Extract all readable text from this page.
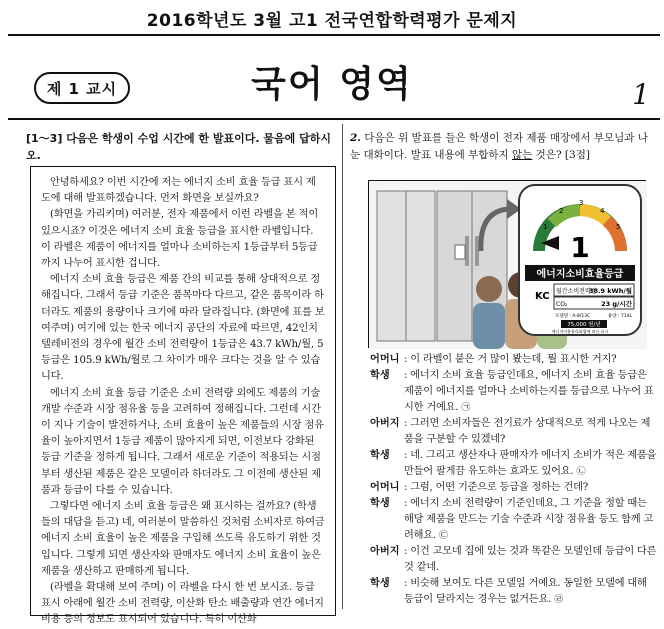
2016학년도 3월 고1 전국연합학력평가 문제지
제 1 교시	국어 영역	1
[1～3] 다음은 학생이 수업 시간에 한 발표이다. 물음에 답하시오.

안녕하세요? 이번 시간에 저는 에너지 소비 효율 등급 표시 제도에 대해 발표하겠습니다. 먼저 화면을 보실까요?

(화면을 가리키며) 여러분, 전자 제품에서 이런 라벨을 본 적이 있으시죠? 이것은 에너지 소비 효율 등급을 표시한 라벨입니다. 이 라벨은 제품이 에너지를 얼마나 소비하는지 1등급부터 5등급까지 나누어 표시한 겁니다.

에너지 소비 효율 등급은 제품 간의 비교를 통해 상대적으로 정해집니다. 그래서 등급 기준은 품목마다 다르고, 같은 품목이라 하더라도 제품의 용량이나 크기에 따라 달라집니다. (화면에 표를 보여주며) 여기에 있는 한국 에너지 공단의 자료에 따르면, 42인치 텔레비전의 경우에 월간 소비 전력량이 1등급은 43.7 kWh/월, 5등급은 105.9 kWh/월로 그 차이가 매우 크다는 것을 알 수 있습니다.

에너지 소비 효율 등급 기준은 소비 전력량 외에도 제품의 기술 개발 수준과 시장 점유율 등을 고려하여 정해집니다. 그런데 시간이 지나 기술이 발전하거나, 소비 효율이 높은 제품들의 시장 점유율이 높아지면서 1등급 제품이 많아지게 되면, 이전보다 강화된 등급 기준을 정하게 됩니다. 그래서 새로운 기준이 적용되는 시점부터 생산된 제품은 같은 모델이라 하더라도 그 이전에 생산된 제품과 등급이 다를 수 있습니다.

그렇다면 에너지 소비 효율 등급은 왜 표시하는 걸까요? (학생들의 대답을 듣고) 네, 여러분이 말씀하신 것처럼 소비자로 하여금 에너지 소비 효율이 높은 제품을 구입해 쓰도록 유도하기 위한 것입니다. 그렇게 되면 생산자와 판매자도 에너지 소비 효율이 높은 제품을 생산하고 판매하게 됩니다.

(라벨을 확대해 보여 주며) 이 라벨을 다시 한 번 보시죠. 등급 표시 아래에 월간 소비 전력량, 이산화 탄소 배출량과 연간 에너지 비용 등의 정보도 표시되어 있습니다. 특히 이산화

2. 다음은 위 발표를 들은 학생이 전자 제품 매장에서 부모님과 나눈 대화이다. 발표 내용에 부합하지 않는 것은? [3점]
1
2
3
4
5
1
에너지소비효율등급
KC 월간소비전력량
38.9 kWh/월
CO₂	23 g/시간
모델명 : A-8/13C	용량 : 714L
75,000 원/년
에너지이용합리화법에 따른 표시
어머니 : 이 라벨이 붙은 거 많이 봤는데, 뭘 표시한 거지?
학생	: 에너지 소비 효율 등급인데요, 에너지 소비 효율 등급은 제품이 에너지를 얼마나 소비하는지를 등급으로 나누어 표시한 거예요. ㉠
아버지 : 그러면 소비자들은 전기료가 상대적으로 적게 나오는 제품을 구분할 수 있겠네?
학생	: 네. 그리고 생산자나 판매자가 에너지 소비가 적은 제품을 만들어 팔게끔 유도하는 효과도 있어요. ㉡
어머니 : 그럼, 어떤 기준으로 등급을 정하는 건데?
학생	: 에너지 소비 전력량이 기준인데요, 그 기준을 정할 때는 해당 제품을 만드는 기술 수준과 시장 점유율 등도 함께 고려해요. ㉢
아버지 : 이건 고모네 집에 있는 것과 똑같은 모델인데 등급이 다른 것 같네.
학생	: 비슷해 보여도 다른 모델일 거예요. 동일한 모델에 대해 등급이 달라지는 경우는 없거든요. ㉣
